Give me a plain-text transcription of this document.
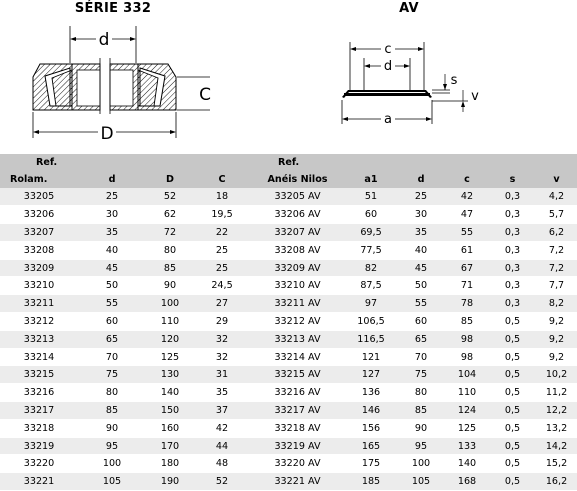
SÉRIE 332	AV
d
C
D
c
d
s
v
a
Ref.				Ref.					
Rolam.	d	D	C	Anéis Nilos	a1	d	c	s	v
33205	25	52	18	33205 AV	51	25	42	0,3	4,2
33206	30	62	19,5	33206 AV	60	30	47	0,3	5,7
33207	35	72	22	33207 AV	69,5	35	55	0,3	6,2
33208	40	80	25	33208 AV	77,5	40	61	0,3	7,2
33209	45	85	25	33209 AV	82	45	67	0,3	7,2
33210	50	90	24,5	33210 AV	87,5	50	71	0,3	7,7
33211	55	100	27	33211 AV	97	55	78	0,3	8,2
33212	60	110	29	33212 AV	106,5	60	85	0,5	9,2
33213	65	120	32	33213 AV	116,5	65	98	0,5	9,2
33214	70	125	32	33214 AV	121	70	98	0,5	9,2
33215	75	130	31	33215 AV	127	75	104	0,5	10,2
33216	80	140	35	33216 AV	136	80	110	0,5	11,2
33217	85	150	37	33217 AV	146	85	124	0,5	12,2
33218	90	160	42	33218 AV	156	90	125	0,5	13,2
33219	95	170	44	33219 AV	165	95	133	0,5	14,2
33220	100	180	48	33220 AV	175	100	140	0,5	15,2
33221	105	190	52	33221 AV	185	105	168	0,5	16,2
